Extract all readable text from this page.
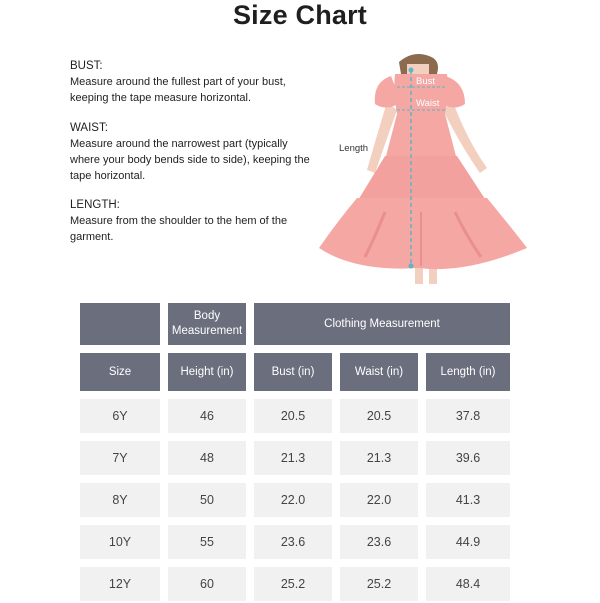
Size Chart
BUST:
Measure around the fullest part of your bust, keeping the tape measure horizontal.
WAIST:
Measure around the narrowest part (typically where your body bends side to side), keeping the tape horizontal.
LENGTH:
Measure from the shoulder to the hem of the garment.
Bust
Waist
Length
Body Measurement
Clothing Measurement
Size	Height (in)	Bust (in)	Waist (in)	Length (in)
6Y	46	20.5	20.5	37.8
7Y	48	21.3	21.3	39.6
8Y	50	22.0	22.0	41.3
10Y	55	23.6	23.6	44.9
12Y	60	25.2	25.2	48.4
